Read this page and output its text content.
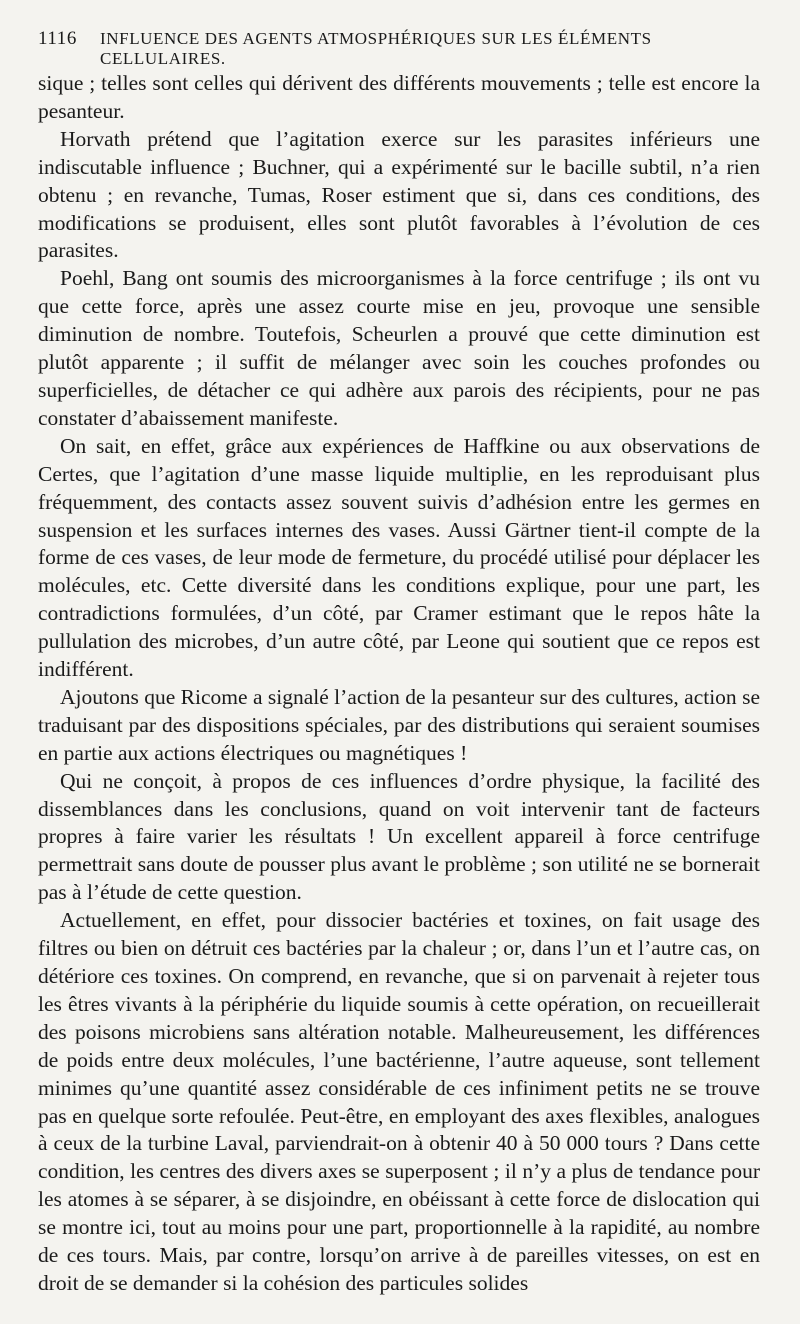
1116	INFLUENCE DES AGENTS ATMOSPHÉRIQUES SUR LES ÉLÉMENTS CELLULAIRES.

sique ; telles sont celles qui dérivent des différents mouvements ; telle est encore la pesanteur.

Horvath prétend que l’agitation exerce sur les parasites inférieurs une indiscutable influence ; Buchner, qui a expérimenté sur le bacille subtil, n’a rien obtenu ; en revanche, Tumas, Roser estiment que si, dans ces conditions, des modifications se produisent, elles sont plutôt favorables à l’évolution de ces parasites.

Poehl, Bang ont soumis des microorganismes à la force centrifuge ; ils ont vu que cette force, après une assez courte mise en jeu, provoque une sensible diminution de nombre. Toutefois, Scheurlen a prouvé que cette diminution est plutôt apparente ; il suffit de mélanger avec soin les couches profondes ou superficielles, de détacher ce qui adhère aux parois des récipients, pour ne pas constater d’abaissement manifeste.

On sait, en effet, grâce aux expériences de Haffkine ou aux observations de Certes, que l’agitation d’une masse liquide multiplie, en les reproduisant plus fréquemment, des contacts assez souvent suivis d’adhésion entre les germes en suspension et les surfaces internes des vases. Aussi Gärtner tient-il compte de la forme de ces vases, de leur mode de fermeture, du procédé utilisé pour déplacer les molécules, etc. Cette diversité dans les conditions explique, pour une part, les contradictions formulées, d’un côté, par Cramer estimant que le repos hâte la pullulation des microbes, d’un autre côté, par Leone qui soutient que ce repos est indifférent.

Ajoutons que Ricome a signalé l’action de la pesanteur sur des cultures, action se traduisant par des dispositions spéciales, par des distributions qui seraient soumises en partie aux actions électriques ou magnétiques !

Qui ne conçoit, à propos de ces influences d’ordre physique, la facilité des dissemblances dans les conclusions, quand on voit intervenir tant de facteurs propres à faire varier les résultats ! Un excellent appareil à force centrifuge permettrait sans doute de pousser plus avant le problème ; son utilité ne se bornerait pas à l’étude de cette question.

Actuellement, en effet, pour dissocier bactéries et toxines, on fait usage des filtres ou bien on détruit ces bactéries par la chaleur ; or, dans l’un et l’autre cas, on détériore ces toxines. On comprend, en revanche, que si on parvenait à rejeter tous les êtres vivants à la périphérie du liquide soumis à cette opération, on recueillerait des poisons microbiens sans altération notable. Malheureusement, les différences de poids entre deux molécules, l’une bactérienne, l’autre aqueuse, sont tellement minimes qu’une quantité assez considérable de ces infiniment petits ne se trouve pas en quelque sorte refoulée. Peut-être, en employant des axes flexibles, analogues à ceux de la turbine Laval, parviendrait-on à obtenir 40 à 50 000 tours ? Dans cette condition, les centres des divers axes se superposent ; il n’y a plus de tendance pour les atomes à se séparer, à se disjoindre, en obéissant à cette force de dislocation qui se montre ici, tout au moins pour une part, proportionnelle à la rapidité, au nombre de ces tours. Mais, par contre, lorsqu’on arrive à de pareilles vitesses, on est en droit de se demander si la cohésion des particules solides
